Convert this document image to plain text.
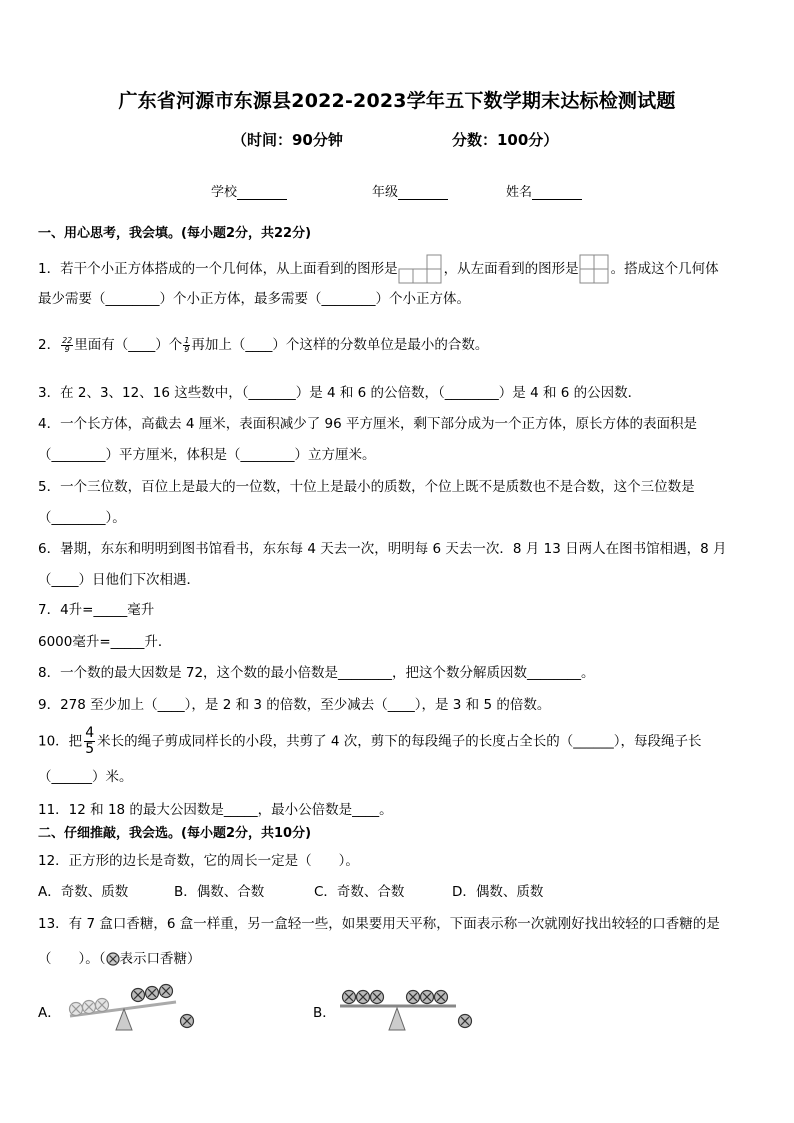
广东省河源市东源县2022-2023学年五下数学期末达标检测试题
（时间：90分钟	分数：100分）
学校	年级	姓名
一、用心思考，我会填。(每小题2分，共22分)
1．若干个小正方体搭成的一个几何体，从上面看到的图形是	，从左面看到的图形是 。搭成这个几何体
最少需要（________）个小正方体，最多需要（________）个小正方体。
2． $\frac{22}{9}$ 里面有（____）个 $\frac{1}{9}$ 再加上（____）个这样的分数单位是最小的合数。
3．在 2、3、12、16 这些数中，（_______）是 4 和 6 的公倍数，（________）是 4 和 6 的公因数．
4．一个长方体，高截去 4 厘米，表面积减少了 96 平方厘米，剩下部分成为一个正方体，原长方体的表面积是
（________）平方厘米，体积是（________）立方厘米。
5．一个三位数，百位上是最大的一位数，十位上是最小的质数，个位上既不是质数也不是合数，这个三位数是
（________）。
6．暑期，东东和明明到图书馆看书，东东每 4 天去一次，明明每 6 天去一次．8 月 13 日两人在图书馆相遇，8 月
（____）日他们下次相遇．
7．4升=_____毫升
6000毫升=_____升．
8．一个数的最大因数是 72，这个数的最小倍数是________，把这个数分解质因数________。
9．278 至少加上（____），是 2 和 3 的倍数，至少减去（____），是 3 和 5 的倍数。
10．把 $\frac{4}{5}$ 米长的绳子剪成同样长的小段，共剪了 4 次，剪下的每段绳子的长度占全长的（______），每段绳子长
（______）米。
11．12 和 18 的最大公因数是_____，最小公倍数是____。
二、仔细推敲，我会选。(每小题2分，共10分)
12．正方形的边长是奇数，它的周长一定是（　　）。
A．奇数、质数	B．偶数、合数	C．奇数、合数	D．偶数、质数
13．有 7 盒口香糖，6 盒一样重，另一盒轻一些，如果要用天平称，下面表示称一次就刚好找出较轻的口香糖的是
（　　）。（ 表示口香糖）
A．	B．
